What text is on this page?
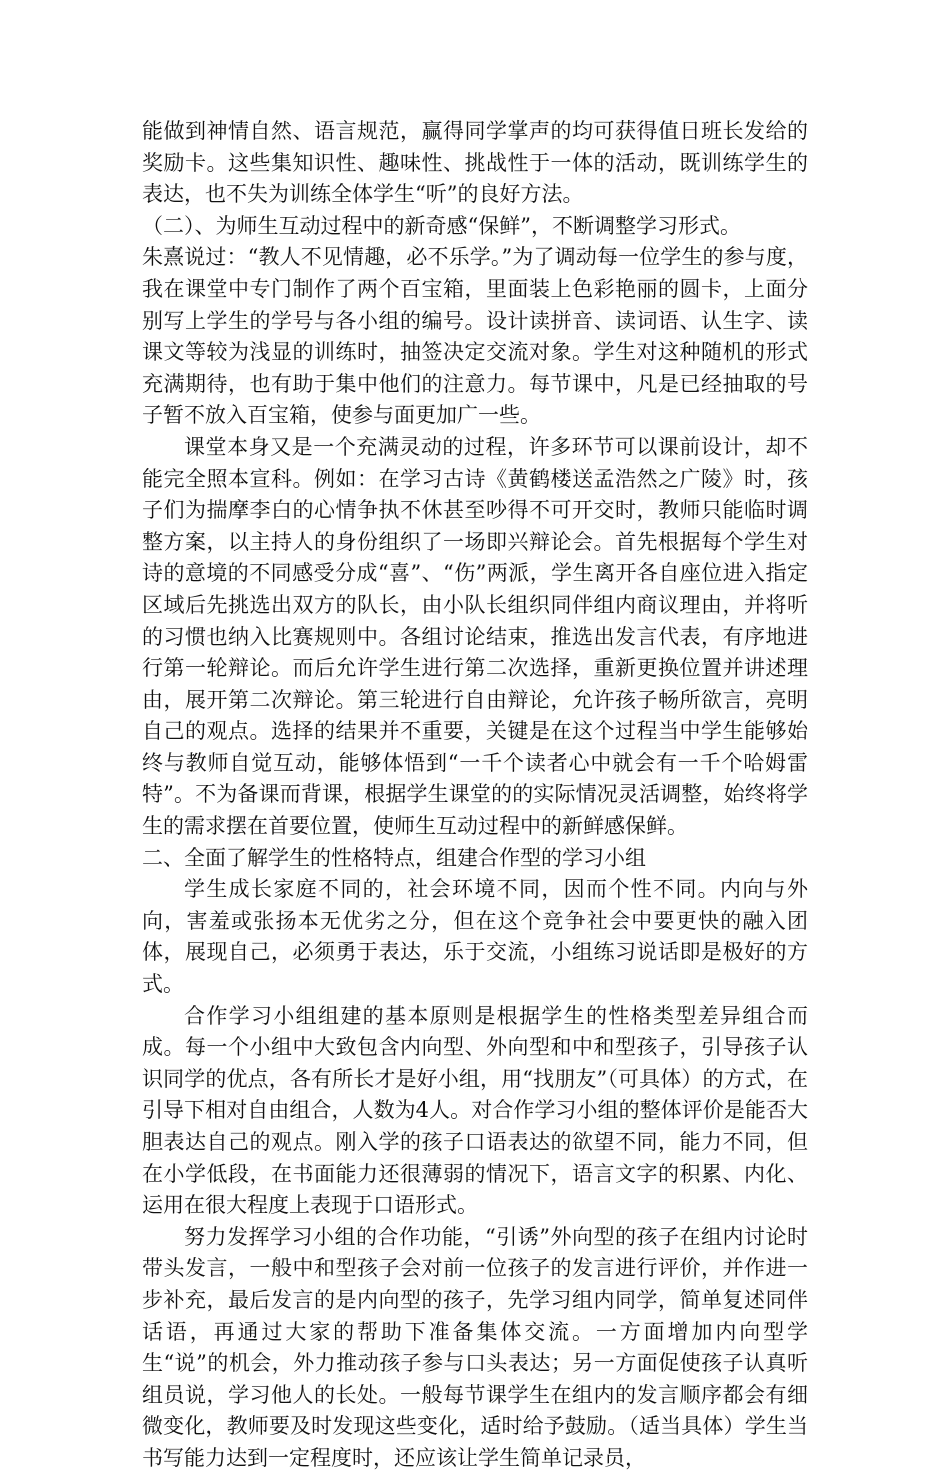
能做到神情自然、语言规范，赢得同学掌声的均可获得值日班长发给的奖励卡。这些集知识性、趣味性、挑战性于一体的活动，既训练学生的表达，也不失为训练全体学生“听”的良好方法。

（二）、为师生互动过程中的新奇感“保鲜”，不断调整学习形式。

朱熹说过：“教人不见情趣，必不乐学。”为了调动每一位学生的参与度，我在课堂中专门制作了两个百宝箱，里面装上色彩艳丽的圆卡，上面分别写上学生的学号与各小组的编号。设计读拼音、读词语、认生字、读课文等较为浅显的训练时，抽签决定交流对象。学生对这种随机的形式充满期待，也有助于集中他们的注意力。每节课中，凡是已经抽取的号子暂不放入百宝箱，使参与面更加广一些。

课堂本身又是一个充满灵动的过程，许多环节可以课前设计，却不能完全照本宣科。例如：在学习古诗《黄鹤楼送孟浩然之广陵》时，孩子们为揣摩李白的心情争执不休甚至吵得不可开交时，教师只能临时调整方案，以主持人的身份组织了一场即兴辩论会。首先根据每个学生对诗的意境的不同感受分成“喜”、“伤”两派，学生离开各自座位进入指定区域后先挑选出双方的队长，由小队长组织同伴组内商议理由，并将听的习惯也纳入比赛规则中。各组讨论结束，推选出发言代表，有序地进行第一轮辩论。而后允许学生进行第二次选择，重新更换位置并讲述理由，展开第二次辩论。第三轮进行自由辩论，允许孩子畅所欲言，亮明自己的观点。选择的结果并不重要，关键是在这个过程当中学生能够始终与教师自觉互动，能够体悟到“一千个读者心中就会有一千个哈姆雷特”。不为备课而背课，根据学生课堂的的实际情况灵活调整，始终将学生的需求摆在首要位置，使师生互动过程中的新鲜感保鲜。

二、全面了解学生的性格特点，组建合作型的学习小组

学生成长家庭不同的，社会环境不同，因而个性不同。内向与外向，害羞或张扬本无优劣之分，但在这个竞争社会中要更快的融入团体，展现自己，必须勇于表达，乐于交流，小组练习说话即是极好的方式。

合作学习小组组建的基本原则是根据学生的性格类型差异组合而成。每一个小组中大致包含内向型、外向型和中和型孩子，引导孩子认识同学的优点，各有所长才是好小组，用“找朋友”（可具体）的方式，在引导下相对自由组合，人数为4人。对合作学习小组的整体评价是能否大胆表达自己的观点。刚入学的孩子口语表达的欲望不同，能力不同，但在小学低段，在书面能力还很薄弱的情况下，语言文字的积累、内化、运用在很大程度上表现于口语形式。

努力发挥学习小组的合作功能，“引诱”外向型的孩子在组内讨论时带头发言，一般中和型孩子会对前一位孩子的发言进行评价，并作进一步补充，最后发言的是内向型的孩子，先学习组内同学，简单复述同伴话语，再通过大家的帮助下准备集体交流。一方面增加内向型学生“说”的机会，外力推动孩子参与口头表达；另一方面促使孩子认真听组员说，学习他人的长处。一般每节课学生在组内的发言顺序都会有细微变化，教师要及时发现这些变化，适时给予鼓励。（适当具体）学生当书写能力达到一定程度时，还应该让学生简单记录员，
